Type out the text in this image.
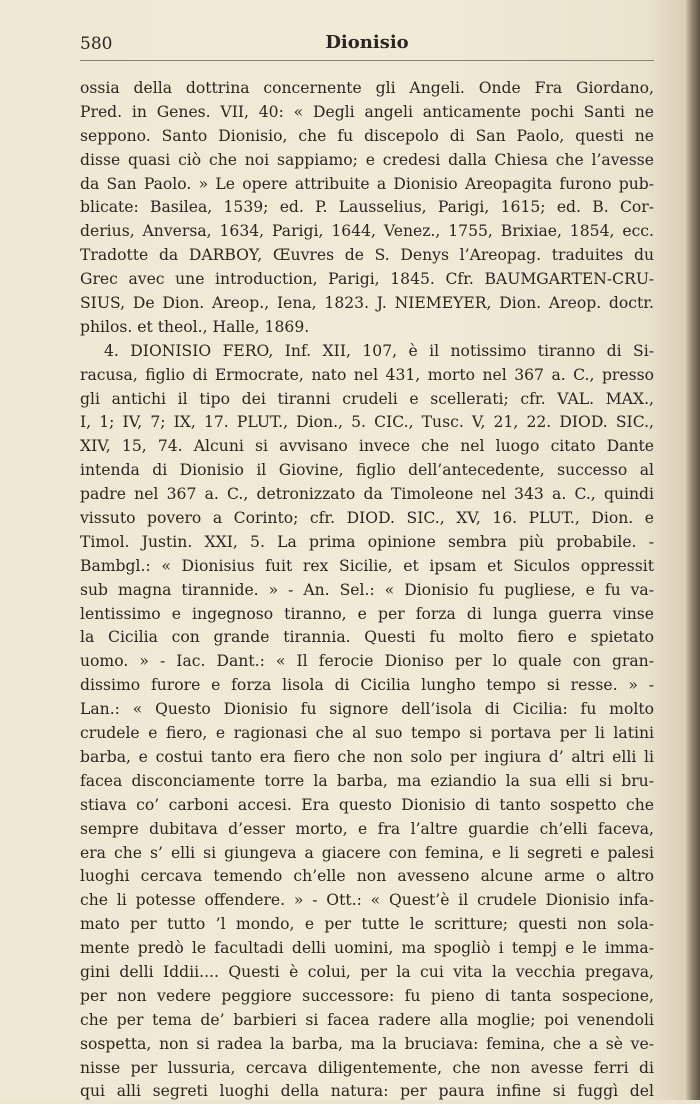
580	Dionisio
ossia della dottrina concernente gli Angeli. Onde Fra Giordano,
Pred. in Genes. VII, 40: « Degli angeli anticamente pochi Santi ne
seppono. Santo Dionisio, che fu discepolo di San Paolo, questi ne
disse quasi ciò che noi sappiamo; e credesi dalla Chiesa che l’avesse
da San Paolo. » Le opere attribuite a Dionisio Areopagita furono pub-
blicate: Basilea, 1539; ed. P. Lausselius, Parigi, 1615; ed. B. Cor-
derius, Anversa, 1634, Parigi, 1644, Venez., 1755, Brixiae, 1854, ecc.
Tradotte da DARBOY, Œuvres de S. Denys l’Areopag. traduites du
Grec avec une introduction, Parigi, 1845. Cfr. BAUMGARTEN-CRU-
SIUS, De Dion. Areop., Iena, 1823. J. NIEMEYER, Dion. Areop. doctr.
philos. et theol., Halle, 1869.
4. DIONISIO FERO, Inf. XII, 107, è il notissimo tiranno di Si-
racusa, figlio di Ermocrate, nato nel 431, morto nel 367 a. C., presso
gli antichi il tipo dei tiranni crudeli e scellerati; cfr. VAL. MAX.,
I, 1; IV, 7; IX, 17. PLUT., Dion., 5. CIC., Tusc. V, 21, 22. DIOD. SIC.,
XIV, 15, 74. Alcuni si avvisano invece che nel luogo citato Dante
intenda di Dionisio il Giovine, figlio dell’antecedente, successo al
padre nel 367 a. C., detronizzato da Timoleone nel 343 a. C., quindi
vissuto povero a Corinto; cfr. DIOD. SIC., XV, 16. PLUT., Dion. e
Timol. Justin. XXI, 5. La prima opinione sembra più probabile. -
Bambgl.: « Dionisius fuit rex Sicilie, et ipsam et Siculos oppressit
sub magna tirannide. » - An. Sel.: « Dionisio fu pugliese, e fu va-
lentissimo e ingegnoso tiranno, e per forza di lunga guerra vinse
la Cicilia con grande tirannia. Questi fu molto fiero e spietato
uomo. » - Iac. Dant.: « Il ferocie Dioniso per lo quale con gran-
dissimo furore e forza lisola di Cicilia lungho tempo si resse. » -
Lan.: « Questo Dionisio fu signore dell’isola di Cicilia: fu molto
crudele e fiero, e ragionasi che al suo tempo si portava per li latini
barba, e costui tanto era fiero che non solo per ingiura d’ altri elli li
facea disconciamente torre la barba, ma eziandio la sua elli si bru-
stiava co’ carboni accesi. Era questo Dionisio di tanto sospetto che
sempre dubitava d’esser morto, e fra l’altre guardie ch’elli faceva,
era che s’ elli si giungeva a giacere con femina, e li segreti e palesi
luoghi cercava temendo ch’elle non avesseno alcune arme o altro
che li potesse offendere. » - Ott.: « Quest’è il crudele Dionisio infa-
mato per tutto ’l mondo, e per tutte le scritture; questi non sola-
mente predò le facultadi delli uomini, ma spogliò i tempj e le imma-
gini delli Iddii.... Questi è colui, per la cui vita la vecchia pregava,
per non vedere peggiore successore: fu pieno di tanta sospecione,
che per tema de’ barbieri si facea radere alla moglie; poi venendoli
sospetta, non si radea la barba, ma la bruciava: femina, che a sè ve-
nisse per lussuria, cercava diligentemente, che non avesse ferri di
qui alli segreti luoghi della natura: per paura infine si fuggì del
